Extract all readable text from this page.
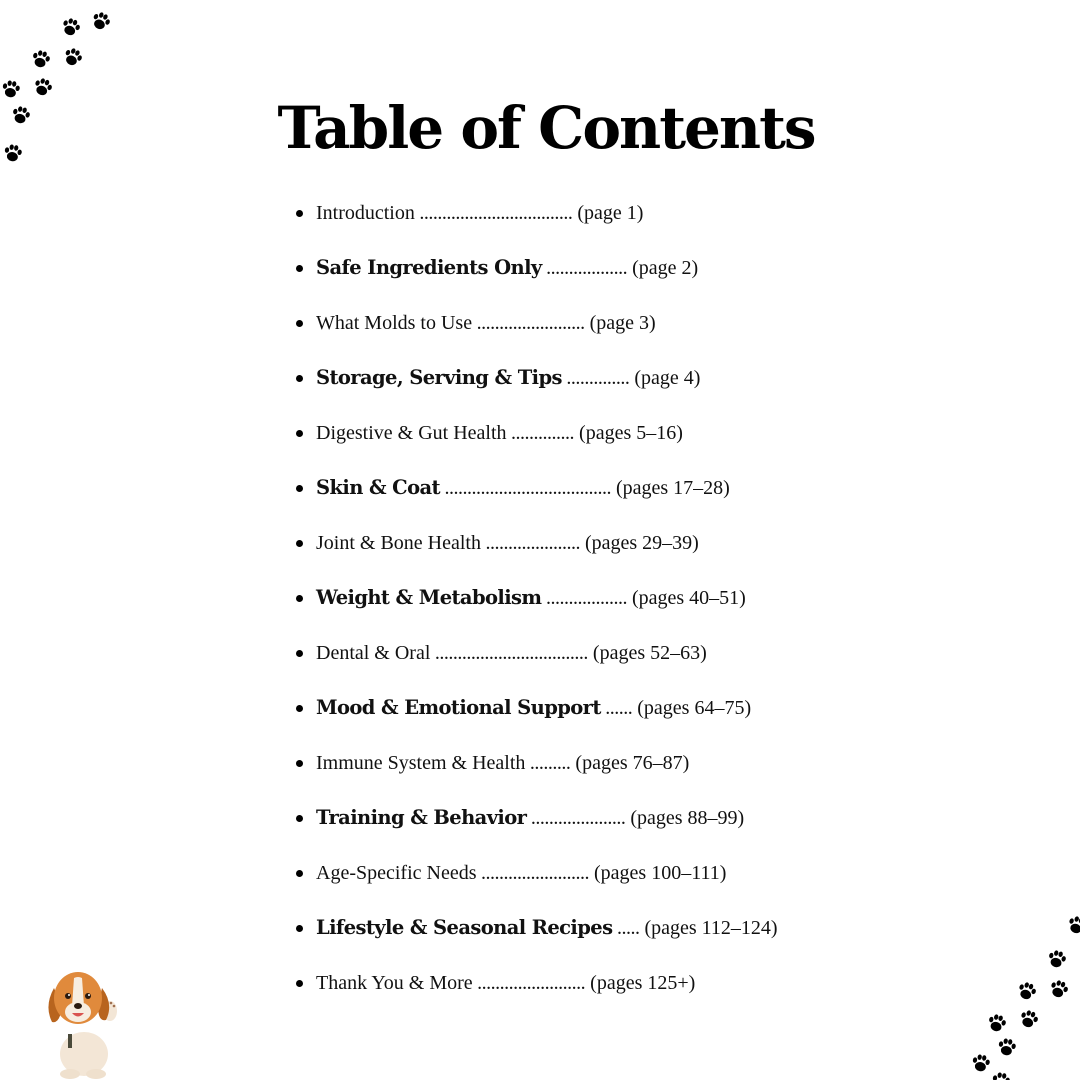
Table of Contents
Introduction .................................. (page 1)
Safe Ingredients Only .................. (page 2)
What Molds to Use ........................ (page 3)
Storage, Serving & Tips .............. (page 4)
Digestive & Gut Health .............. (pages 5–16)
Skin & Coat ..................................... (pages 17–28)
Joint & Bone Health ..................... (pages 29–39)
Weight & Metabolism .................. (pages 40–51)
Dental & Oral .................................. (pages 52–63)
Mood & Emotional Support ...... (pages 64–75)
Immune System & Health ......... (pages 76–87)
Training & Behavior ..................... (pages 88–99)
Age-Specific Needs ........................ (pages 100–111)
Lifestyle & Seasonal Recipes ..... (pages 112–124)
Thank You & More ........................ (pages 125+)
